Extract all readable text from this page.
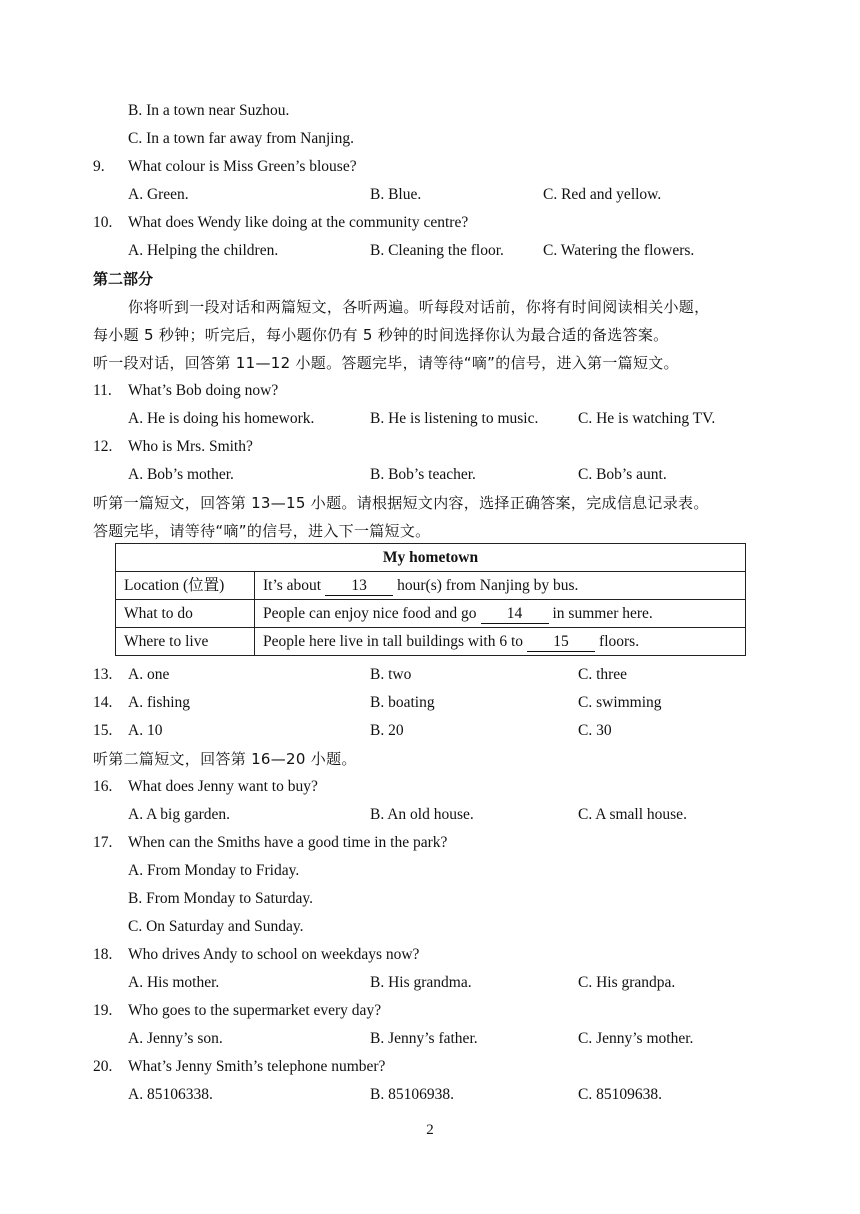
B. In a town near Suzhou.
C. In a town far away from Nanjing.
9. What colour is Miss Green’s blouse?
A. Green.	B. Blue.	C. Red and yellow.
10. What does Wendy like doing at the community centre?
A. Helping the children.	B. Cleaning the floor.	C. Watering the flowers.
第二部分
你将听到一段对话和两篇短文，各听两遍。听每段对话前，你将有时间阅读相关小题，
每小题 5 秒钟；听完后，每小题你仍有 5 秒钟的时间选择你认为最合适的备选答案。
听一段对话，回答第 11—12 小题。答题完毕，请等待“嘀”的信号，进入第一篇短文。
11. What’s Bob doing now?
A. He is doing his homework.	B. He is listening to music.	C. He is watching TV.
12. Who is Mrs. Smith?
A. Bob’s mother.	B. Bob’s teacher.	C. Bob’s aunt.
听第一篇短文，回答第 13—15 小题。请根据短文内容，选择正确答案，完成信息记录表。
答题完毕，请等待“嘀”的信号，进入下一篇短文。
My hometown	
Location (位置)	It’s about 13 hour(s) from Nanjing by bus.
What to do	People can enjoy nice food and go 14 in summer here.
Where to live	People here live in tall buildings with 6 to 15 floors.
13. A. one	B. two	C. three
14. A. fishing	B. boating	C. swimming
15. A. 10	B. 20	C. 30
听第二篇短文，回答第 16—20 小题。
16. What does Jenny want to buy?
A. A big garden.	B. An old house.	C. A small house.
17. When can the Smiths have a good time in the park?
A. From Monday to Friday.
B. From Monday to Saturday.
C. On Saturday and Sunday.
18. Who drives Andy to school on weekdays now?
A. His mother.	B. His grandma.	C. His grandpa.
19. Who goes to the supermarket every day?
A. Jenny’s son.	B. Jenny’s father.	C. Jenny’s mother.
20. What’s Jenny Smith’s telephone number?
A. 85106338.	B. 85106938.	C. 85109638.
2
